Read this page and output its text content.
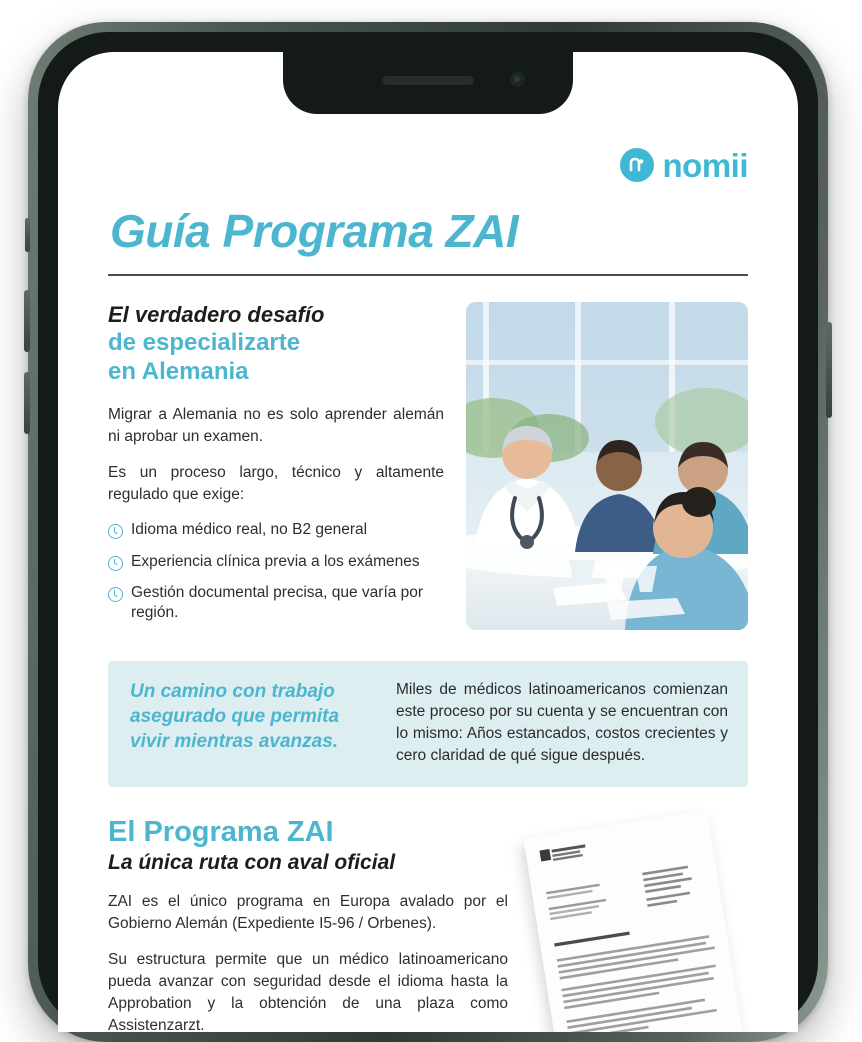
nomii
Guía Programa ZAI

El verdadero desafío

de especializarte

en Alemania

Migrar a Alemania no es solo aprender alemán ni aprobar un examen.

Es un proceso largo, técnico y altamente regulado que exige:

Idioma médico real, no B2 general
Experiencia clínica previa a los exámenes
Gestión documental precisa, que varía por región.
Un camino con trabajo asegurado que permita vivir mientras avanzas.
Miles de médicos latinoamericanos comienzan este proceso por su cuenta y se encuentran con lo mismo: Años estancados, costos crecientes y cero claridad de qué sigue después.
El Programa ZAI
La única ruta con aval oficial

ZAI es el único programa en Europa avalado por el Gobierno Alemán (Expediente I5-96 / Orbenes).

Su estructura permite que un médico latinoamericano pueda avanzar con seguridad desde el idioma hasta la Approbation y la obtención de una plaza como Assistenzarzt.
